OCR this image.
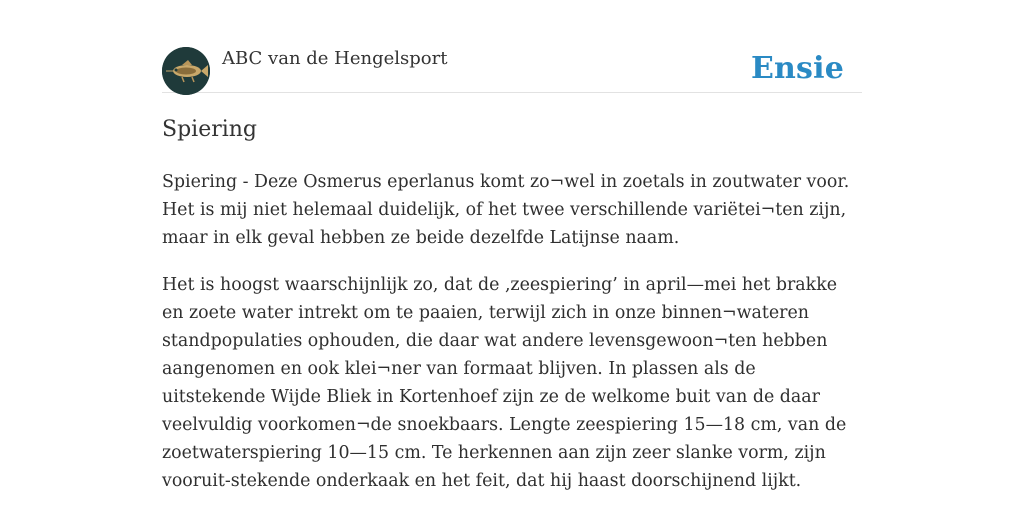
ABC van de Hengelsport	Ensie
Spiering

Spiering - Deze Osmerus eperlanus komt zo¬wel in zoetals in zoutwater voor. Het is mij niet helemaal duidelijk, of het twee verschillende variëtei¬ten zijn, maar in elk geval hebben ze beide dezelfde Latijnse naam.

Het is hoogst waarschijnlijk zo, dat de ‚zeespiering’ in april—mei het brakke en zoete water intrekt om te paaien, terwijl zich in onze binnen¬wateren standpopulaties ophouden, die daar wat andere levensgewoon¬ten hebben aangenomen en ook klei¬ner van formaat blijven. In plassen als de uitstekende Wijde Bliek in Kortenhoef zijn ze de welkome buit van de daar veelvuldig voorkomen¬de snoekbaars. Lengte zeespiering 15—18 cm, van de zoetwaterspiering 10—15 cm. Te herkennen aan zijn zeer slanke vorm, zijn vooruit-stekende onderkaak en het feit, dat hij haast doorschijnend lijkt.
